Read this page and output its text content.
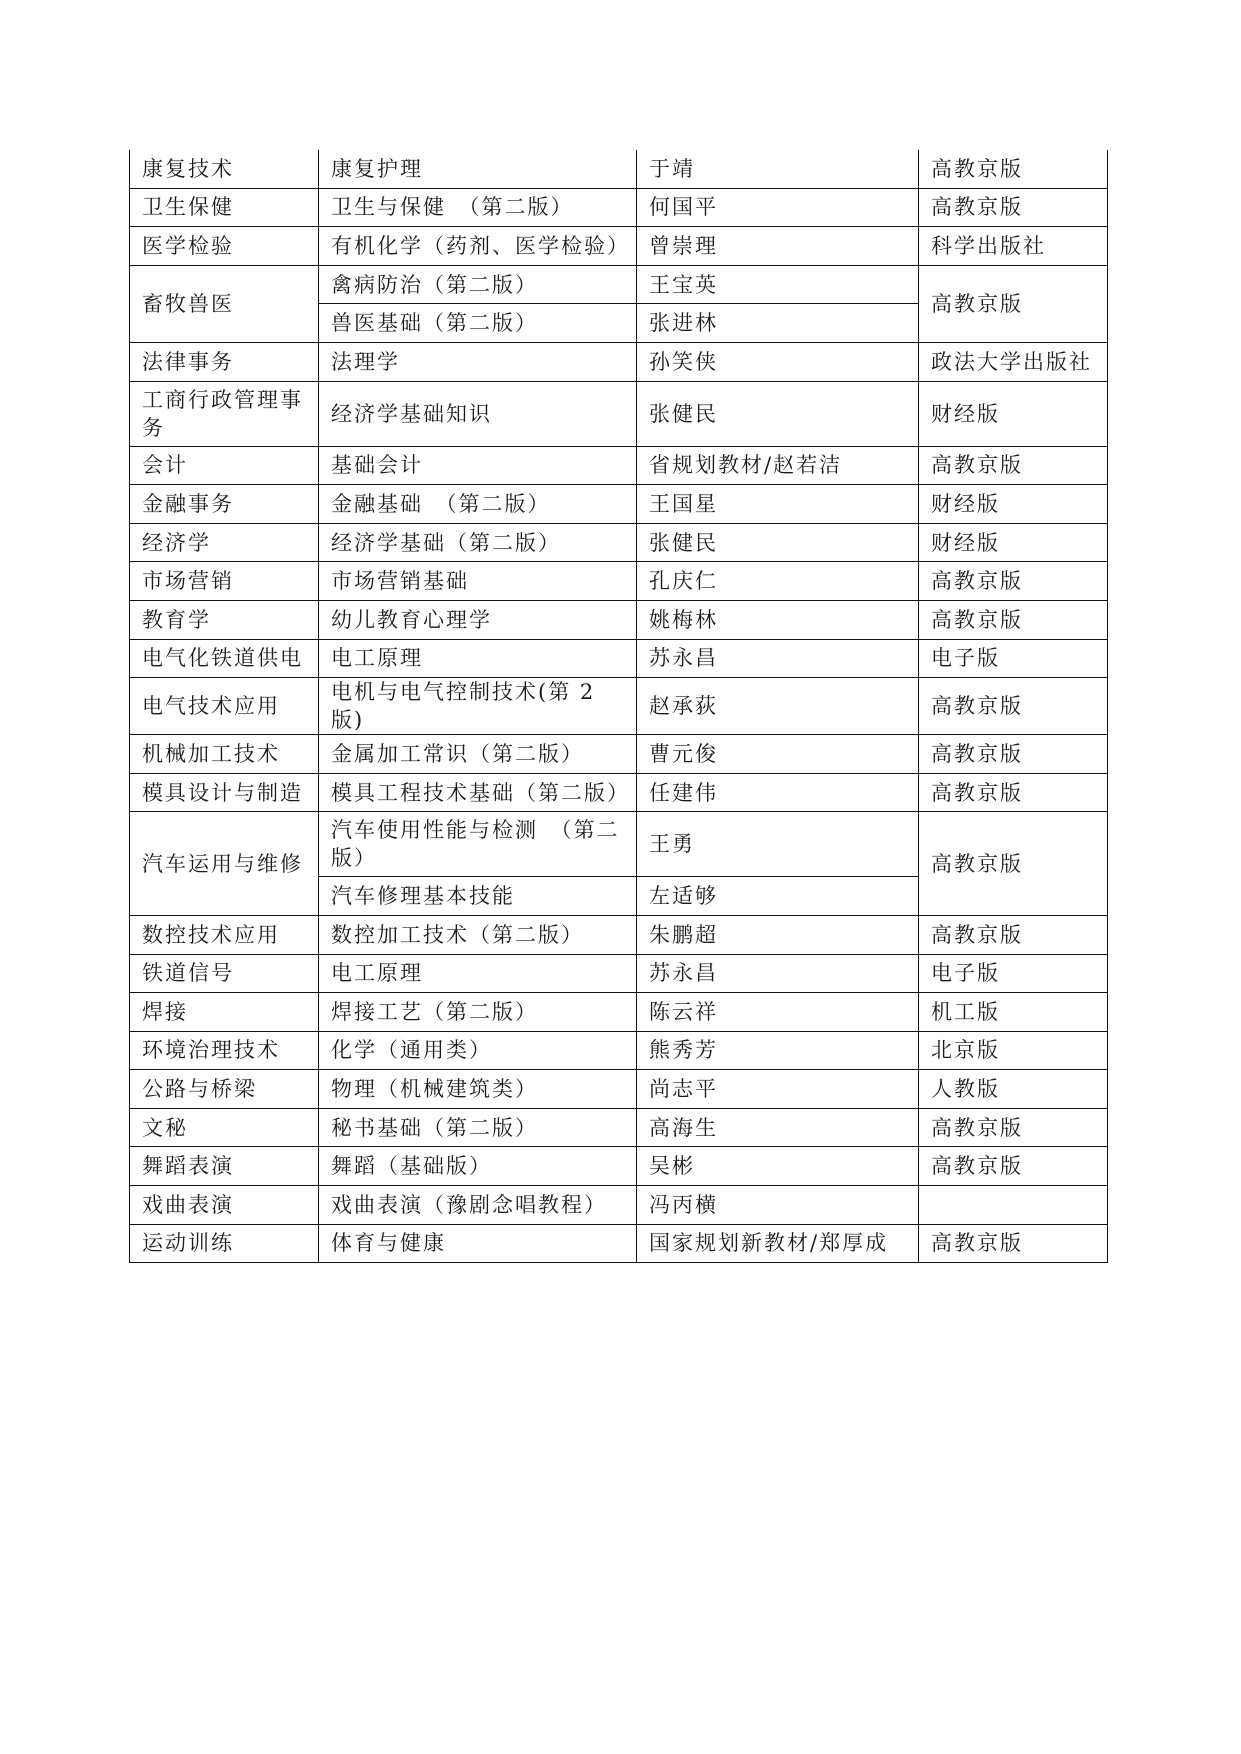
康复技术	康复护理	于靖	高教京版
卫生保健	卫生与保健　（第二版）	何国平	高教京版
医学检验	有机化学（药剂、医学检验）	曾崇理	科学出版社
畜牧兽医	禽病防治（第二版）	王宝英	高教京版
	兽医基础（第二版）	张进林	
法律事务	法理学	孙笑侠	政法大学出版社
工商行政管理事务	经济学基础知识	张健民	财经版
会计	基础会计	省规划教材/赵若洁	高教京版
金融事务	金融基础　（第二版）	王国星	财经版
经济学	经济学基础（第二版）	张健民	财经版
市场营销	市场营销基础	孔庆仁	高教京版
教育学	幼儿教育心理学	姚梅林	高教京版
电气化铁道供电	电工原理	苏永昌	电子版
电气技术应用	电机与电气控制技术(第 2 版)	赵承荻	高教京版
机械加工技术	金属加工常识（第二版）	曹元俊	高教京版
模具设计与制造	模具工程技术基础（第二版）	任建伟	高教京版
汽车运用与维修	汽车使用性能与检测　（第二版）	王勇	高教京版
	汽车修理基本技能	左适够	
数控技术应用	数控加工技术（第二版）	朱鹏超	高教京版
铁道信号	电工原理	苏永昌	电子版
焊接	焊接工艺（第二版）	陈云祥	机工版
环境治理技术	化学（通用类）	熊秀芳	北京版
公路与桥梁	物理（机械建筑类）	尚志平	人教版
文秘	秘书基础（第二版）	高海生	高教京版
舞蹈表演	舞蹈（基础版）	吴彬	高教京版
戏曲表演	戏曲表演（豫剧念唱教程）	冯丙横	
运动训练	体育与健康	国家规划新教材/郑厚成	高教京版
